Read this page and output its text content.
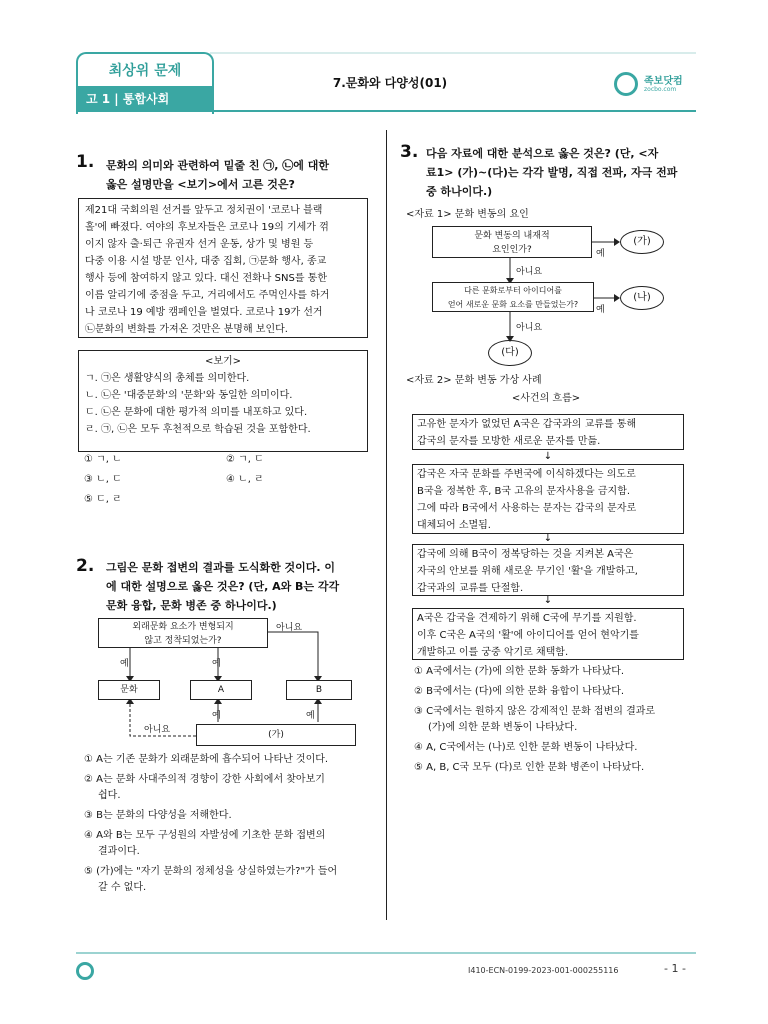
최상위 문제
고 1 | 통합사회
7.문화와 다양성(01)	족보닷컴
zocbo.com
1. 문화의 의미와 관련하여 밑줄 친 ㉠, ㉡에 대한
옳은 설명만을 <보기>에서 고른 것은?
제21대 국회의원 선거를 앞두고 정치권이 '코로나 블랙
홀'에 빠졌다. 여야의 후보자들은 코로나 19의 기세가 꺾
이지 않자 출·퇴근 유권자 선거 운동, 상가 및 병원 등
다중 이용 시설 방문 인사, 대중 집회, ㉠문화 행사, 종교
행사 등에 참여하지 않고 있다. 대신 전화나 SNS를 통한
이름 알리기에 중점을 두고, 거리에서도 주먹인사를 하거
나 코로나 19 예방 캠페인을 벌였다. 코로나 19가 선거
㉡문화의 변화를 가져온 것만은 분명해 보인다.
<보기>
ㄱ. ㉠은 생활양식의 총체를 의미한다.
ㄴ. ㉡은 '대중문화'의 '문화'와 동일한 의미이다.
ㄷ. ㉡은 문화에 대한 평가적 의미를 내포하고 있다.
ㄹ. ㉠, ㉡은 모두 후천적으로 학습된 것을 포함한다.
① ㄱ, ㄴ	② ㄱ, ㄷ
③ ㄴ, ㄷ	④ ㄴ, ㄹ
⑤ ㄷ, ㄹ
2. 그림은 문화 접변의 결과를 도식화한 것이다. 이
에 대한 설명으로 옳은 것은? (단, A와 B는 각각
문화 융합, 문화 병존 중 하나이다.)
외래문화 요소가 변형되지
않고 정착되었는가?
아니요
예	예
문화	A	B
예	예
아니요	(가)
① A는 기존 문화가 외래문화에 흡수되어 나타난 것이다.
② A는 문화 사대주의적 경향이 강한 사회에서 찾아보기
쉽다.
③ B는 문화의 다양성을 저해한다.
④ A와 B는 모두 구성원의 자발성에 기초한 문화 접변의
결과이다.
⑤ (가)에는 "자기 문화의 정체성을 상실하였는가?"가 들어
갈 수 없다.
3. 다음 자료에 대한 분석으로 옳은 것은? (단, <자
료1> (가)~(다)는 각각 발명, 직접 전파, 자극 전파
중 하나이다.)
<자료 1> 문화 변동의 요인
문화 변동의 내재적
요인인가?	예
(가)
아니요
다른 문화로부터 아이디어를
얻어 새로운 문화 요소를 만들었는가?
예
(나)
아니요
(다)
<자료 2> 문화 변동 가상 사례
<사건의 흐름>
고유한 문자가 없었던 A국은 갑국과의 교류를 통해
갑국의 문자를 모방한 새로운 문자를 만듦.
↓
갑국은 자국 문화를 주변국에 이식하겠다는 의도로
B국을 정복한 후, B국 고유의 문자사용을 금지함.
그에 따라 B국에서 사용하는 문자는 갑국의 문자로
대체되어 소멸됨.
↓
갑국에 의해 B국이 정복당하는 것을 지켜본 A국은
자국의 안보를 위해 새로운 무기인 '활'을 개발하고,
갑국과의 교류를 단절함.
↓
A국은 갑국을 견제하기 위해 C국에 무기를 지원함.
이후 C국은 A국의 '활'에 아이디어를 얻어 현악기를
개발하고 이를 궁중 악기로 채택함.
① A국에서는 (가)에 의한 문화 동화가 나타났다.
② B국에서는 (다)에 의한 문화 융합이 나타났다.
③ C국에서는 원하지 않은 강제적인 문화 접변의 결과로
(가)에 의한 문화 변동이 나타났다.
④ A, C국에서는 (나)로 인한 문화 변동이 나타났다.
⑤ A, B, C국 모두 (다)로 인한 문화 병존이 나타났다.
I410-ECN-0199-2023-001-000255116	- 1 -
